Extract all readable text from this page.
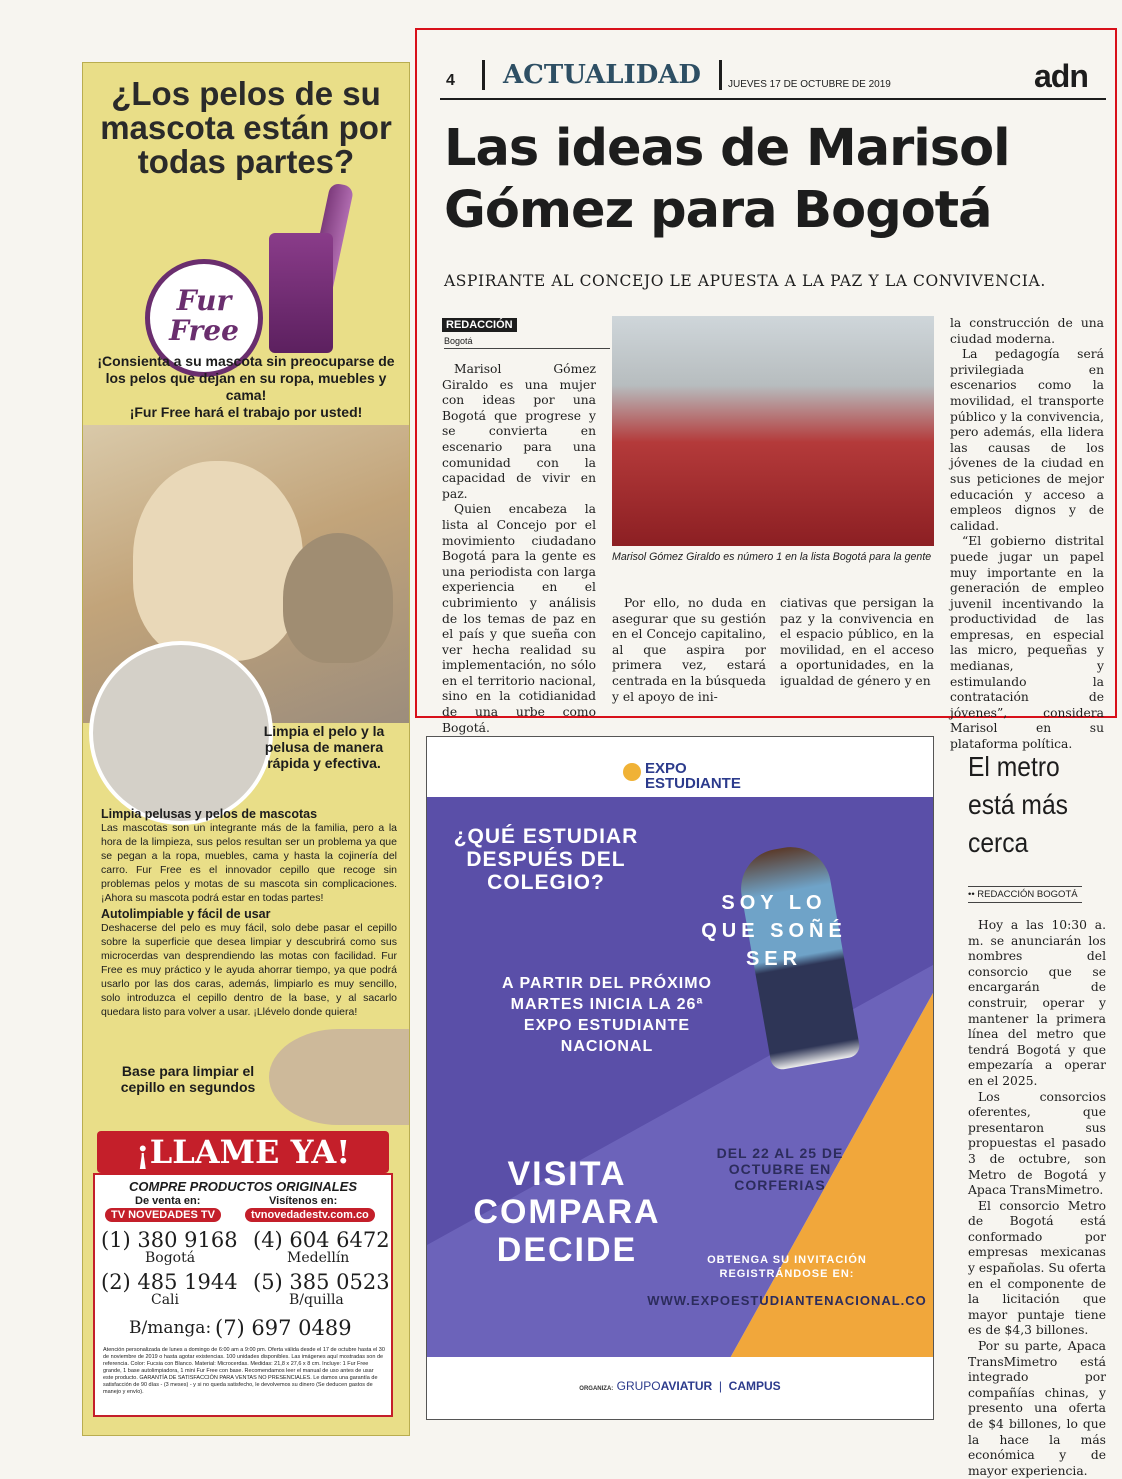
¿Los pelos de su mascota están por todas partes?
Fur Free
¡Consienta a su mascota sin preocuparse de los pelos que dejan en su ropa, muebles y cama!
¡Fur Free hará el trabajo por usted!
Limpia el pelo y la pelusa de manera rápida y efectiva.
Limpia pelusas y pelos de mascotas

Las mascotas son un integrante más de la familia, pero a la hora de la limpieza, sus pelos resultan ser un problema ya que se pegan a la ropa, muebles, cama y hasta la cojinería del carro. Fur Free es el innovador cepillo que recoge sin problemas pelos y motas de su mascota sin complicaciones. ¡Ahora su mascota podrá estar en todas partes!

Autolimpiable y fácil de usar

Deshacerse del pelo es muy fácil, solo debe pasar el cepillo sobre la superficie que desea limpiar y descubrirá como sus microcerdas van desprendiendo las motas con facilidad. Fur Free es muy práctico y le ayuda ahorrar tiempo, ya que podrá usarlo por las dos caras, además, limpiarlo es muy sencillo, solo introduzca el cepillo dentro de la base, y al sacarlo quedara listo para volver a usar. ¡Llévelo donde quiera!

Base para limpiar el cepillo en segundos
¡LLAME YA!
COMPRE PRODUCTOS ORIGINALES
De venta en:	Visítenos en:
TV NOVEDADES TV	tvnovedadestv.com.co
(1) 380 9168
Bogotá
(4) 604 6472
Medellín
(2) 485 1944
Cali
(5) 385 0523
B/quilla
B/manga: (7) 697 0489
Atención personalizada de lunes a domingo de 6:00 am a 9:00 pm. Oferta válida desde el 17 de octubre hasta el 30 de noviembre de 2019 o hasta agotar existencias. 100 unidades disponibles. Las imágenes aquí mostradas son de referencia. Color: Fucsia con Blanco. Material: Microcerdas. Medidas: 21,8 x 27,6 x 8 cm. Incluye: 1 Fur Free grande, 1 base autolimpiadora, 1 mini Fur Free con base. Recomendamos leer el manual de uso antes de usar este producto. GARANTÍA DE SATISFACCIÓN PARA VENTAS NO PRESENCIALES. Le damos una garantía de satisfacción de 90 días - (3 meses) - y si no queda satisfecho, le devolvemos su dinero (Se deducen gastos de manejo y envío).
4	ACTUALIDAD	JUEVES 17 DE OCTUBRE DE 2019	adn
Las ideas de Marisol Gómez para Bogotá
ASPIRANTE AL CONCEJO LE APUESTA A LA PAZ Y LA CONVIVENCIA.
REDACCIÓN
Bogotá

Marisol Gómez Giraldo es una mujer con ideas por una Bogotá que progrese y se convierta en escenario para una comunidad con la capacidad de vivir en paz.

Quien encabeza la lista al Concejo por el movimiento ciudadano Bogotá para la gente es una periodista con larga experiencia en el cubrimiento y análisis de los temas de paz en el país y que sueña con ver hecha realidad su implementación, no sólo en el territorio nacional, sino en la cotidianidad de una urbe como Bogotá.

Marisol Gómez Giraldo es número 1 en la lista Bogotá para la gente

Por ello, no duda en asegurar que su gestión en el Concejo capitalino, al que aspira por primera vez, estará centrada en la búsqueda y el apoyo de ini-

ciativas que persigan la paz y la convivencia en el espacio público, en la movilidad, en el acceso a oportunidades, en la igualdad de género y en

la construcción de una ciudad moderna.

La pedagogía será privilegiada en escenarios como la movilidad, el transporte público y la convivencia, pero además, ella lidera las causas de los jóvenes de la ciudad en sus peticiones de mejor educación y acceso a empleos dignos y de calidad.

“El gobierno distrital puede jugar un papel muy importante en la generación de empleo juvenil incentivando la productividad de las empresas, en especial las micro, pequeñas y medianas, y estimulando la contratación de jóvenes”, considera Marisol en su plataforma política.

EXPO
ESTUDIANTE
¿QUÉ ESTUDIAR DESPUÉS DEL COLEGIO?
SOY LO QUE SOÑÉ SER
A PARTIR DEL PRÓXIMO MARTES INICIA LA 26ª EXPO ESTUDIANTE NACIONAL
VISITA COMPARA DECIDE
DEL 22 AL 25 DE OCTUBRE EN CORFERIAS
OBTENGA SU INVITACIÓN REGISTRÁNDOSE EN:
WWW.EXPOESTUDIANTENACIONAL.CO
ORGANIZA: GRUPOAVIATUR  |  CAMPUS
El metro está más cerca
•• REDACCIÓN BOGOTÁ

Hoy a las 10:30 a. m. se anunciarán los nombres del consorcio que se encargarán de construir, operar y mantener la primera línea del metro que tendrá Bogotá y que empezaría a operar en el 2025.

Los consorcios oferentes, que presentaron sus propuestas el pasado 3 de octubre, son Metro de Bogotá y Apaca TransMimetro.

El consorcio Metro de Bogotá está conformado por empresas mexicanas y españolas. Su oferta en el componente de la licitación que mayor puntaje tiene es de $4,3 billones.

Por su parte, Apaca TransMimetro está integrado por compañías chinas, y presento una oferta de $4 billones, lo que la hace la más económica y de mayor experiencia.
